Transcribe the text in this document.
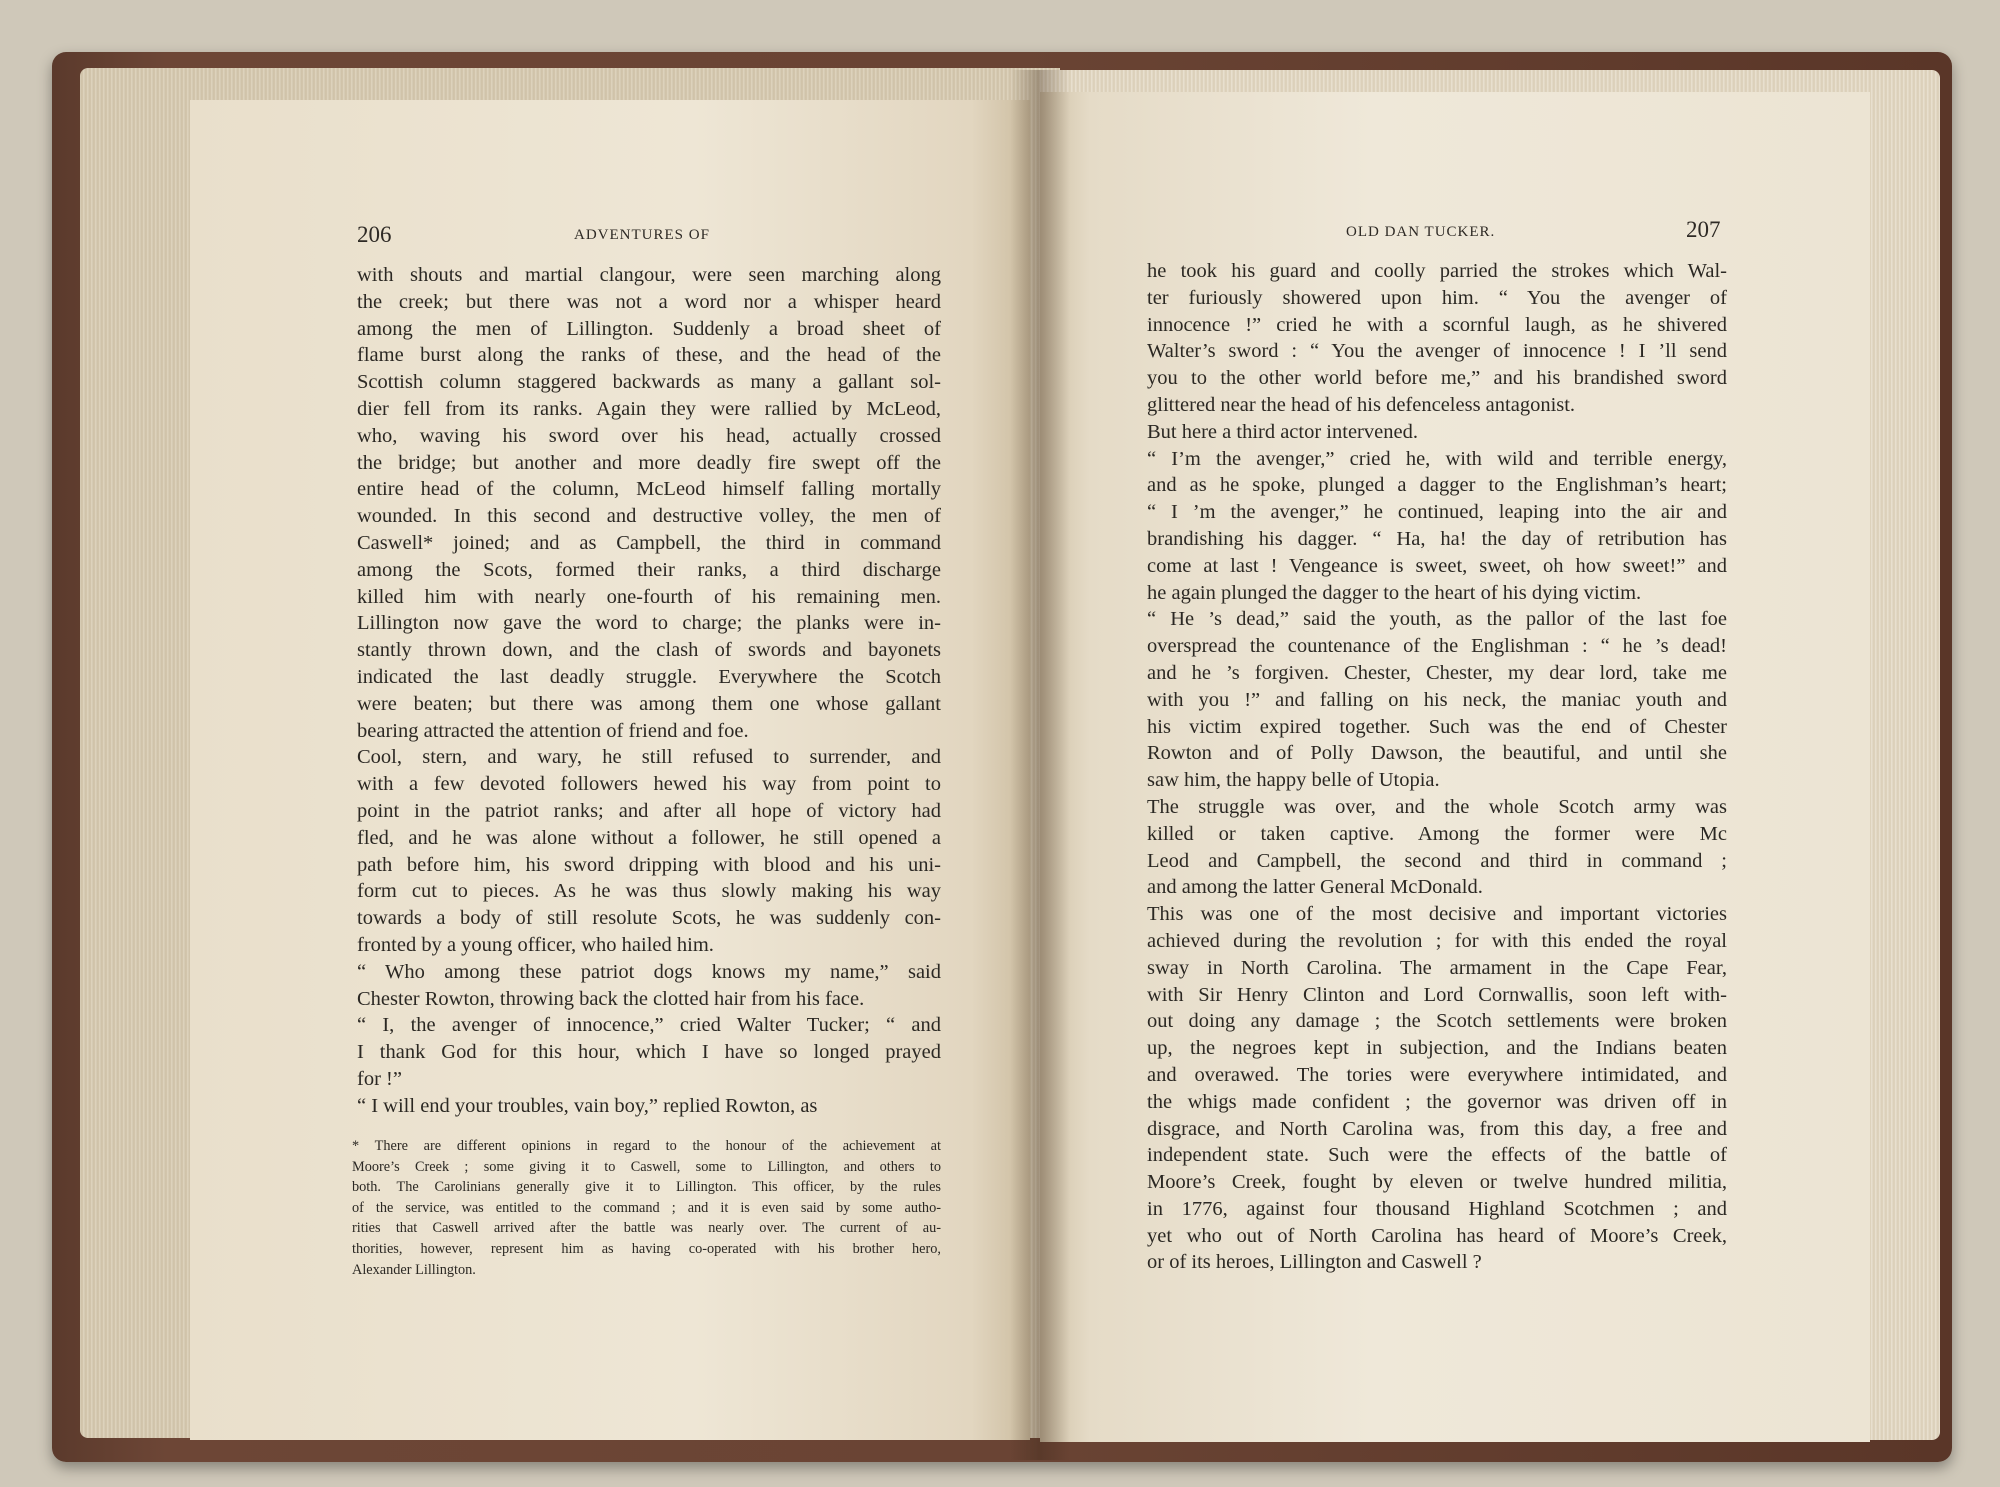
206	ADVENTURES OF
with shouts and martial clangour, were seen marching along
the creek; but there was not a word nor a whisper heard
among the men of Lillington. Suddenly a broad sheet of
flame burst along the ranks of these, and the head of the
Scottish column staggered backwards as many a gallant sol-
dier fell from its ranks. Again they were rallied by McLeod,
who, waving his sword over his head, actually crossed
the bridge; but another and more deadly fire swept off the
entire head of the column, McLeod himself falling mortally
wounded. In this second and destructive volley, the men of
Caswell* joined; and as Campbell, the third in command
among the Scots, formed their ranks, a third discharge
killed him with nearly one-fourth of his remaining men.
Lillington now gave the word to charge; the planks were in-
stantly thrown down, and the clash of swords and bayonets
indicated the last deadly struggle. Everywhere the Scotch
were beaten; but there was among them one whose gallant
bearing attracted the attention of friend and foe.
Cool, stern, and wary, he still refused to surrender, and
with a few devoted followers hewed his way from point to
point in the patriot ranks; and after all hope of victory had
fled, and he was alone without a follower, he still opened a
path before him, his sword dripping with blood and his uni-
form cut to pieces. As he was thus slowly making his way
towards a body of still resolute Scots, he was suddenly con-
fronted by a young officer, who hailed him.
“ Who among these patriot dogs knows my name,” said
Chester Rowton, throwing back the clotted hair from his face.
“ I, the avenger of innocence,” cried Walter Tucker; “ and
I thank God for this hour, which I have so longed prayed
for !”
“ I will end your troubles, vain boy,” replied Rowton, as
* There are different opinions in regard to the honour of the achievement at
Moore’s Creek ; some giving it to Caswell, some to Lillington, and others to
both. The Carolinians generally give it to Lillington. This officer, by the rules
of the service, was entitled to the command ; and it is even said by some autho-
rities that Caswell arrived after the battle was nearly over. The current of au-
thorities, however, represent him as having co-operated with his brother hero,
Alexander Lillington.
OLD DAN TUCKER.	207
he took his guard and coolly parried the strokes which Wal-
ter furiously showered upon him. “ You the avenger of
innocence !” cried he with a scornful laugh, as he shivered
Walter’s sword : “ You the avenger of innocence ! I ’ll send
you to the other world before me,” and his brandished sword
glittered near the head of his defenceless antagonist.
But here a third actor intervened.
“ I’m the avenger,” cried he, with wild and terrible energy,
and as he spoke, plunged a dagger to the Englishman’s heart;
“ I ’m the avenger,” he continued, leaping into the air and
brandishing his dagger. “ Ha, ha! the day of retribution has
come at last ! Vengeance is sweet, sweet, oh how sweet!” and
he again plunged the dagger to the heart of his dying victim.
“ He ’s dead,” said the youth, as the pallor of the last foe
overspread the countenance of the Englishman : “ he ’s dead!
and he ’s forgiven. Chester, Chester, my dear lord, take me
with you !” and falling on his neck, the maniac youth and
his victim expired together. Such was the end of Chester
Rowton and of Polly Dawson, the beautiful, and until she
saw him, the happy belle of Utopia.
The struggle was over, and the whole Scotch army was
killed or taken captive. Among the former were Mc
Leod and Campbell, the second and third in command ;
and among the latter General McDonald.
This was one of the most decisive and important victories
achieved during the revolution ; for with this ended the royal
sway in North Carolina. The armament in the Cape Fear,
with Sir Henry Clinton and Lord Cornwallis, soon left with-
out doing any damage ; the Scotch settlements were broken
up, the negroes kept in subjection, and the Indians beaten
and overawed. The tories were everywhere intimidated, and
the whigs made confident ; the governor was driven off in
disgrace, and North Carolina was, from this day, a free and
independent state. Such were the effects of the battle of
Moore’s Creek, fought by eleven or twelve hundred militia,
in 1776, against four thousand Highland Scotchmen ; and
yet who out of North Carolina has heard of Moore’s Creek,
or of its heroes, Lillington and Caswell ?
